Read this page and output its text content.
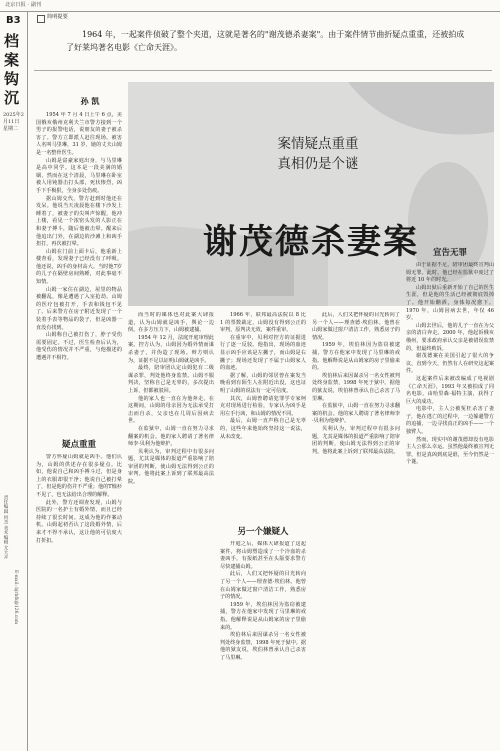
北京日报 · 副刊
B3
档案钩沉
2025年2月11日 星期二
责任编辑 何杰 美术编辑 尤大卉
E-mail: bjrbfk@126.com
简明提要
1964 年，一起案件侦破了整个夹道，这就是著名的"谢茂德杀妻案"。由于案件情节曲折疑点重重，还被拍成了好莱坞著名电影《亡命天涯》。
孙 凯
案情疑点重重
真相仍是个谜
谢茂德杀妻案

1954 年 7 月 4 日上午 6 点，美国俄亥俄州克利夫兰市警方接到一个男子的报警电话，说朋友的妻子被杀害了。警方立即派人赶往现场。被害人名叫马里琳，31 岁，她的丈夫山姆是一名整骨医生。

山姆是富豪家庭出身，与马里琳是高中同学。这本是一段美满的婚姻，然而在这个清晨，马里琳在卧室被人用钝器击打头部，死状惨烈，凶手下手极狠，全身多处伤痕。

据山姆交代，警方赶到时他还在发呆。他说当天凌晨他在楼下沙发上睡着了，被妻子的尖叫声惊醒，他冲上楼，看见一个浓密头发的人影正在和妻子搏斗，随后他被击晕。醒来后他追出门外，在湖边的沙滩上和凶手扭打，再次被打晕。

山姆在门前上面卡后，他重新上楼查看，发现妻子已经没有了呼吸。他还说，凶手的身材高大。当时他7岁的儿子在隔壁房间熟睡，对此事毫不知情。

山姆一家住在湖边，屋里的物品被翻乱，像是遭遇了入室抢劫。山姆的医疗包被打开，手表和钱包不见了。后来警方在房子附近发现了一个装着手表等物品的袋子，但是凶器一直没有找到。

山姆称自己被打伤了，脖子受伤需要固定。不过，医生检查后认为，他受伤的情况并不严重，与他描述的遭遇并不相符。

疑点重重

警方怀疑山姆就是凶手。他们认为，山姆的供述存在很多疑点。比如，他说自己和凶手搏斗过，但是身上的衣服却很干净；他说自己被打晕了，但是他的伤并不严重；他的T恤衫不见了，也无法给出合理的解释。

此外，警方还调查发现，山姆与医院的一名护士有婚外情，而且已经持续了很长时间。这成为他的作案动机。山姆起初否认了这段婚外情，后来才不得不承认，这让他的可信度大打折扣。

而当时的媒体也对此案大肆报道，认为山姆就是凶手，舆论一边倒。在多方压力下，山姆被逮捕。

1954 年 12 月，法庭开庭审理此案。控方认为，山姆因为婚外情而谋杀妻子，并伪造了现场。辩方则认为，证据不足以证明山姆就是凶手。

最终，陪审团认定山姆犯有二级谋杀罪，判处他终身监禁。山姆不服判决，坚称自己是无辜的，多次提出上诉，但都被驳回。

他的家人也一直在为他奔走。在这期间，山姆的母亲因为无法承受打击而自杀，父亲也在几周后因病去世。

在监狱中，山姆一直在努力寻求翻案的机会。他的家人聘请了著名律师李·贝利为他辩护。

贝利认为，审判过程中有很多问题，尤其是媒体的报道严重影响了陪审团的判断，使山姆无法得到公正的审判。他将此案上诉到了联邦最高法院。

1966 年，联邦最高法院以 8 比 1 的票数裁定，山姆没有得到公正的审判，原判决无效，案件重审。

在重审中，贝利对控方的证据进行了逐一反驳。他指出，现场的血迹显示凶手应该是左撇子，而山姆是右撇子；现场还发现了不属于山姆家人的血迹。

据了解，山姆的邻居曾在案发当晚看到有陌生人在附近出没，这也证明了山姆的说法有一定可信度。

其次，山姆曾聘请犯罪学专家柯克对现场进行检验，专家认为凶手是用左手行凶，和山姆的情况不同。

最后，山姆一直声称自己是无辜的，这些年来他始终坚持这一说法，从未改变。

另一个嫌疑人

开庭之后，媒体大肆报道了这起案件，将山姆塑造成了一个冷血的杀妻凶手。有报纸甚至在头版要求警方尽快逮捕山姆。

此后，人们又把怀疑的目光转向了另一个人——理查德·埃伯林。他曾在山姆家做过窗户清洁工作，熟悉房子的情况。

1959 年，埃伯林因为盗窃被逮捕，警方在他家中发现了马里琳的戒指。他解释说是从山姆家的房子里偷来的。

埃伯林后来因谋杀另一名女性被判处终身监禁，1998 年死于狱中。据他的狱友说，埃伯林曾承认自己杀害了马里琳。

宣告无罪

由于证据不足，陪审团最终宣判山姆无罪。此时，他已经在监狱中度过了将近 10 年的时光。

山姆出狱后重新开始了自己的医生生涯，但是他的生活已经被彻底毁掉了。他开始酗酒，身体每况愈下。1970 年，山姆因病去世，年仅 46 岁。

山姆去世后，他的儿子一直在为父亲的清白奔走。2000 年，他起诉俄亥俄州，要求政府承认父亲是被错误监禁的，但最终败诉。

谢茂德案在美国引起了很大的争议，直到今天，仍然有人在研究这起案件。

这起案件后来被改编成了电视剧《亡命天涯》，1993 年又被拍成了同名电影，由哈里森·福特主演，获得了巨大的成功。

电影中，主人公被冤枉杀害了妻子，他在逃亡的过程中，一边躲避警方的追捕，一边寻找真正的凶手——一个独臂人。

然而，现实中的谢茂德却没有电影主人公那么幸运。虽然他最终被宣判无罪，但是真凶到底是谁，至今仍然是一个谜。

此后，人们又把怀疑的目光转向了另一个人——理查德·埃伯林。他曾在山姆家做过窗户清洁工作，熟悉房子的情况。

1959 年，埃伯林因为盗窃被逮捕，警方在他家中发现了马里琳的戒指。他解释说是从山姆家的房子里偷来的。

埃伯林后来因谋杀另一名女性被判处终身监禁，1998 年死于狱中。据他的狱友说，埃伯林曾承认自己杀害了马里琳。

在监狱中，山姆一直在努力寻求翻案的机会。他的家人聘请了著名律师李·贝利为他辩护。

贝利认为，审判过程中有很多问题，尤其是媒体的报道严重影响了陪审团的判断，使山姆无法得到公正的审判。他将此案上诉到了联邦最高法院。
